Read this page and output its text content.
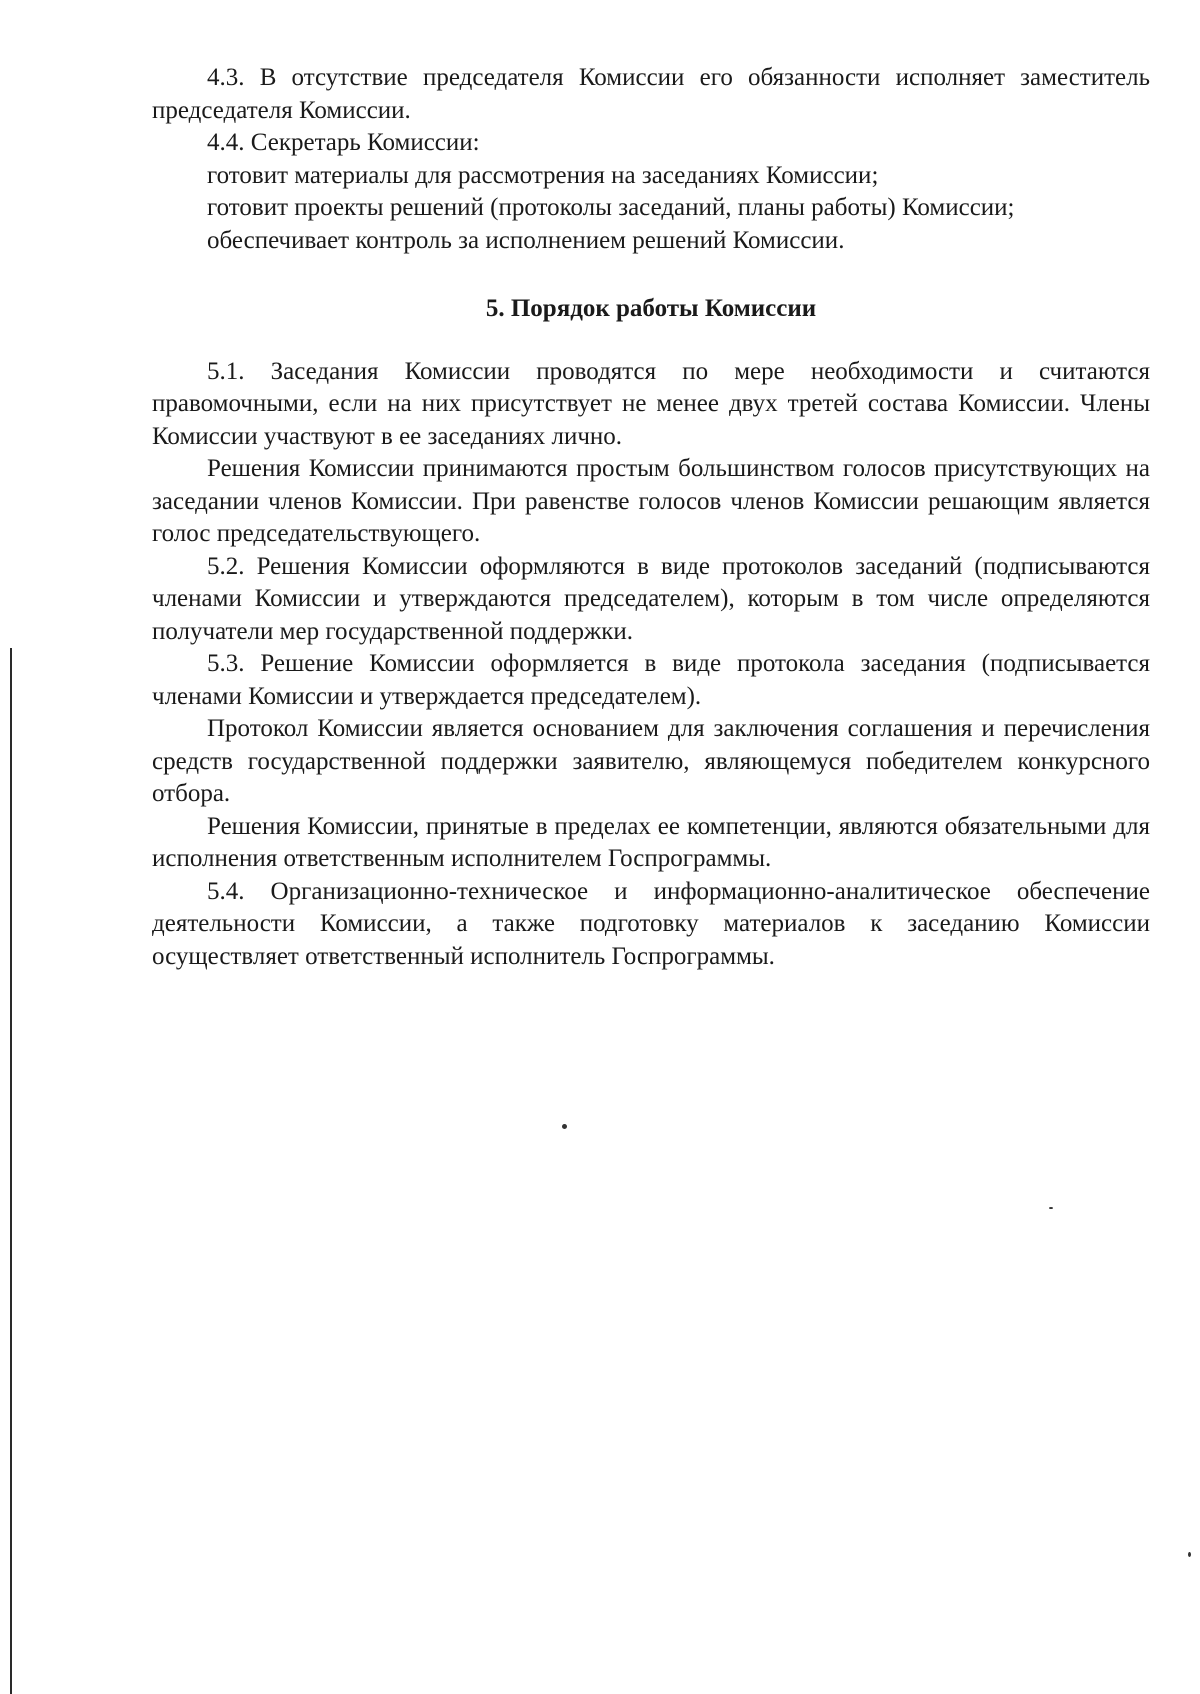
4.3. В отсутствие председателя Комиссии его обязанности исполняет заместитель председателя Комиссии.

4.4. Секретарь Комиссии:

готовит материалы для рассмотрения на заседаниях Комиссии;

готовит проекты решений (протоколы заседаний, планы работы) Комиссии;

обеспечивает контроль за исполнением решений Комиссии.

5. Порядок работы Комиссии

5.1. Заседания Комиссии проводятся по мере необходимости и считаются правомочными, если на них присутствует не менее двух третей состава Комиссии. Члены Комиссии участвуют в ее заседаниях лично.

Решения Комиссии принимаются простым большинством голосов присутствующих на заседании членов Комиссии. При равенстве голосов членов Комиссии решающим является голос председательствующего.

5.2. Решения Комиссии оформляются в виде протоколов заседаний (подписываются членами Комиссии и утверждаются председателем), которым в том числе определяются получатели мер государственной поддержки.

5.3. Решение Комиссии оформляется в виде протокола заседания (подписывается членами Комиссии и утверждается председателем).

Протокол Комиссии является основанием для заключения соглашения и перечисления средств государственной поддержки заявителю, являющемуся победителем конкурсного отбора.

Решения Комиссии, принятые в пределах ее компетенции, являются обязательными для исполнения ответственным исполнителем Госпрограммы.

5.4. Организационно-техническое и информационно-аналитическое обеспечение деятельности Комиссии, а также подготовку материалов к заседанию Комиссии осуществляет ответственный исполнитель Госпрограммы.
